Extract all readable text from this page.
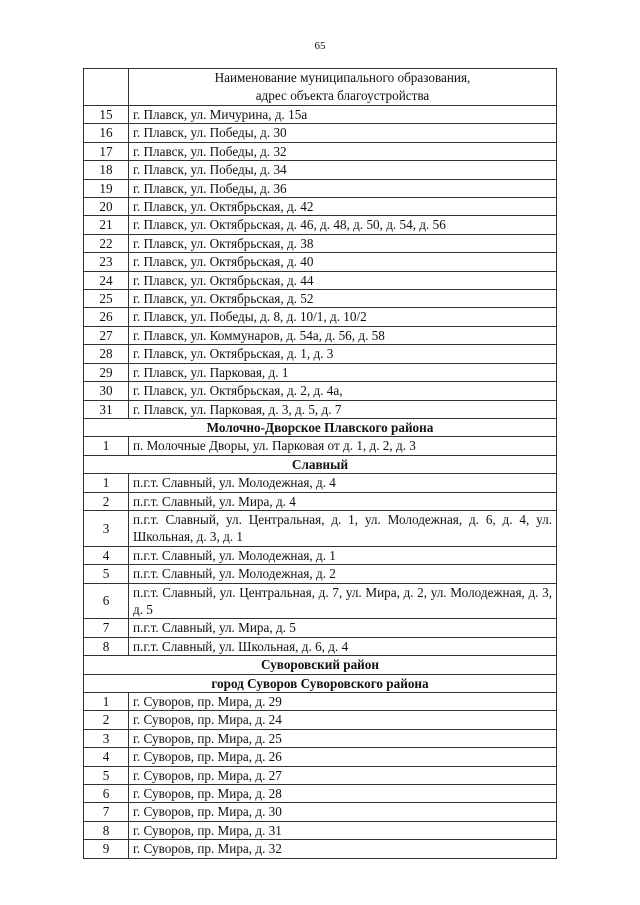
65

	Наименование муниципального образования,
адрес объекта благоустройства

15	г. Плавск, ул. Мичурина, д. 15а
16	г. Плавск, ул. Победы, д. 30
17	г. Плавск, ул. Победы, д. 32
18	г. Плавск, ул. Победы, д. 34
19	г. Плавск, ул. Победы, д. 36
20	г. Плавск, ул. Октябрьская, д. 42
21	г. Плавск, ул. Октябрьская, д. 46, д. 48, д. 50, д. 54, д. 56
22	г. Плавск, ул. Октябрьская, д. 38
23	г. Плавск, ул. Октябрьская, д. 40
24	г. Плавск, ул. Октябрьская, д. 44
25	г. Плавск, ул. Октябрьская, д. 52
26	г. Плавск, ул. Победы, д. 8, д. 10/1, д. 10/2
27	г. Плавск, ул. Коммунаров, д. 54а, д. 56, д. 58
28	г. Плавск, ул. Октябрьская, д. 1, д. 3
29	г. Плавск, ул. Парковая, д. 1
30	г. Плавск, ул. Октябрьская, д. 2, д. 4а,
31	г. Плавск, ул. Парковая, д. 3, д. 5, д. 7
Молочно-Дворское Плавского района	
1	п. Молочные Дворы, ул. Парковая от д. 1, д. 2, д. 3
Славный	
1	п.г.т. Славный, ул. Молодежная, д. 4
2	п.г.т. Славный, ул. Мира, д. 4
3	п.г.т. Славный, ул. Центральная, д. 1, ул. Молодежная, д. 6, д. 4, ул. Школьная, д. 3, д. 1
4	п.г.т. Славный, ул. Молодежная, д. 1
5	п.г.т. Славный, ул. Молодежная, д. 2
6	п.г.т. Славный, ул. Центральная, д. 7, ул. Мира, д. 2, ул. Молодежная, д. 3, д. 5
7	п.г.т. Славный, ул. Мира, д. 5
8	п.г.т. Славный, ул. Школьная, д. 6, д. 4
Суворовский район	
город Суворов Суворовского района	
1	г. Суворов, пр. Мира, д. 29
2	г. Суворов, пр. Мира, д. 24
3	г. Суворов, пр. Мира, д. 25
4	г. Суворов, пр. Мира, д. 26
5	г. Суворов, пр. Мира, д. 27
6	г. Суворов, пр. Мира, д. 28
7	г. Суворов, пр. Мира, д. 30
8	г. Суворов, пр. Мира, д. 31
9	г. Суворов, пр. Мира, д. 32
